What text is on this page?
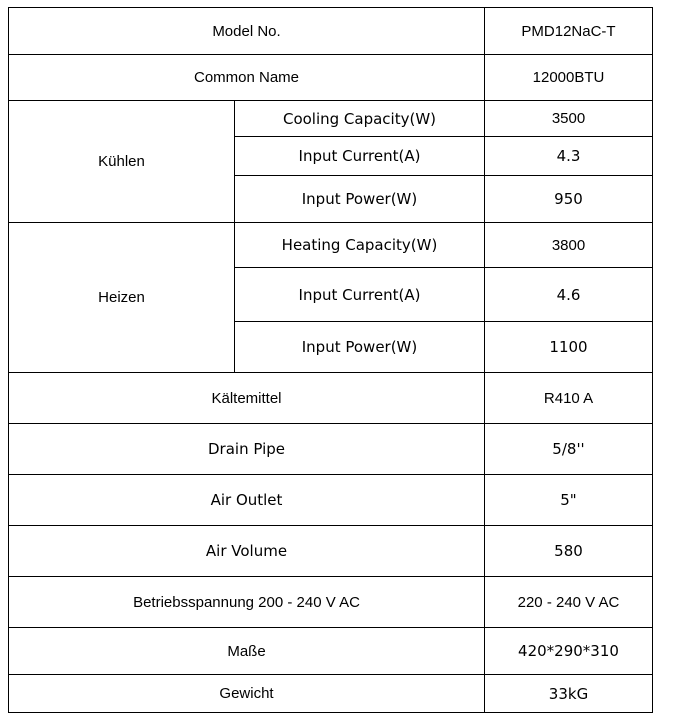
Model No.		PMD12NaC-T
Common Name		12000BTU
Kühlen	Cooling Capacity(W)	3500
	Input Current(A)	4.3
	Input Power(W)	950
Heizen	Heating Capacity(W)	3800
	Input Current(A)	4.6
	Input Power(W)	1100
Kältemittel		R410 A
Drain Pipe		5/8''
Air Outlet		5"
Air Volume		580
Betriebsspannung 200 - 240 V AC		220 - 240 V AC
Maße		420*290*310
Gewicht		33kG
